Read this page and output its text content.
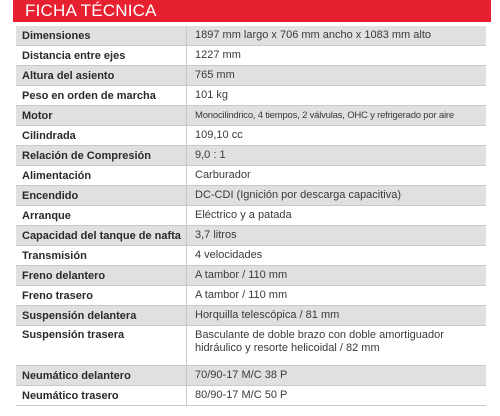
FICHA TÉCNICA
Dimensiones	1897 mm largo x 706 mm ancho x 1083 mm alto
Distancia entre ejes	1227 mm
Altura del asiento	765 mm
Peso en orden de marcha	101 kg
Motor	Monocilindrico, 4 tiempos, 2 válvulas, OHC y refrigerado por aire
Cilindrada	109,10 cc
Relación de Compresión	9,0 : 1
Alimentación	Carburador
Encendido	DC-CDI (Ignición por descarga capacitiva)
Arranque	Eléctrico y a patada
Capacidad del tanque de nafta	3,7 litros
Transmisión	4 velocidades
Freno delantero	A tambor / 110 mm
Freno trasero	A tambor / 110 mm
Suspensión delantera	Horquilla telescópica / 81 mm
Suspensión trasera	Basculante de doble brazo con doble amortiguador hidráulico y resorte helicoidal / 82 mm
Neumático delantero	70/90-17 M/C 38 P
Neumático trasero	80/90-17 M/C 50 P
